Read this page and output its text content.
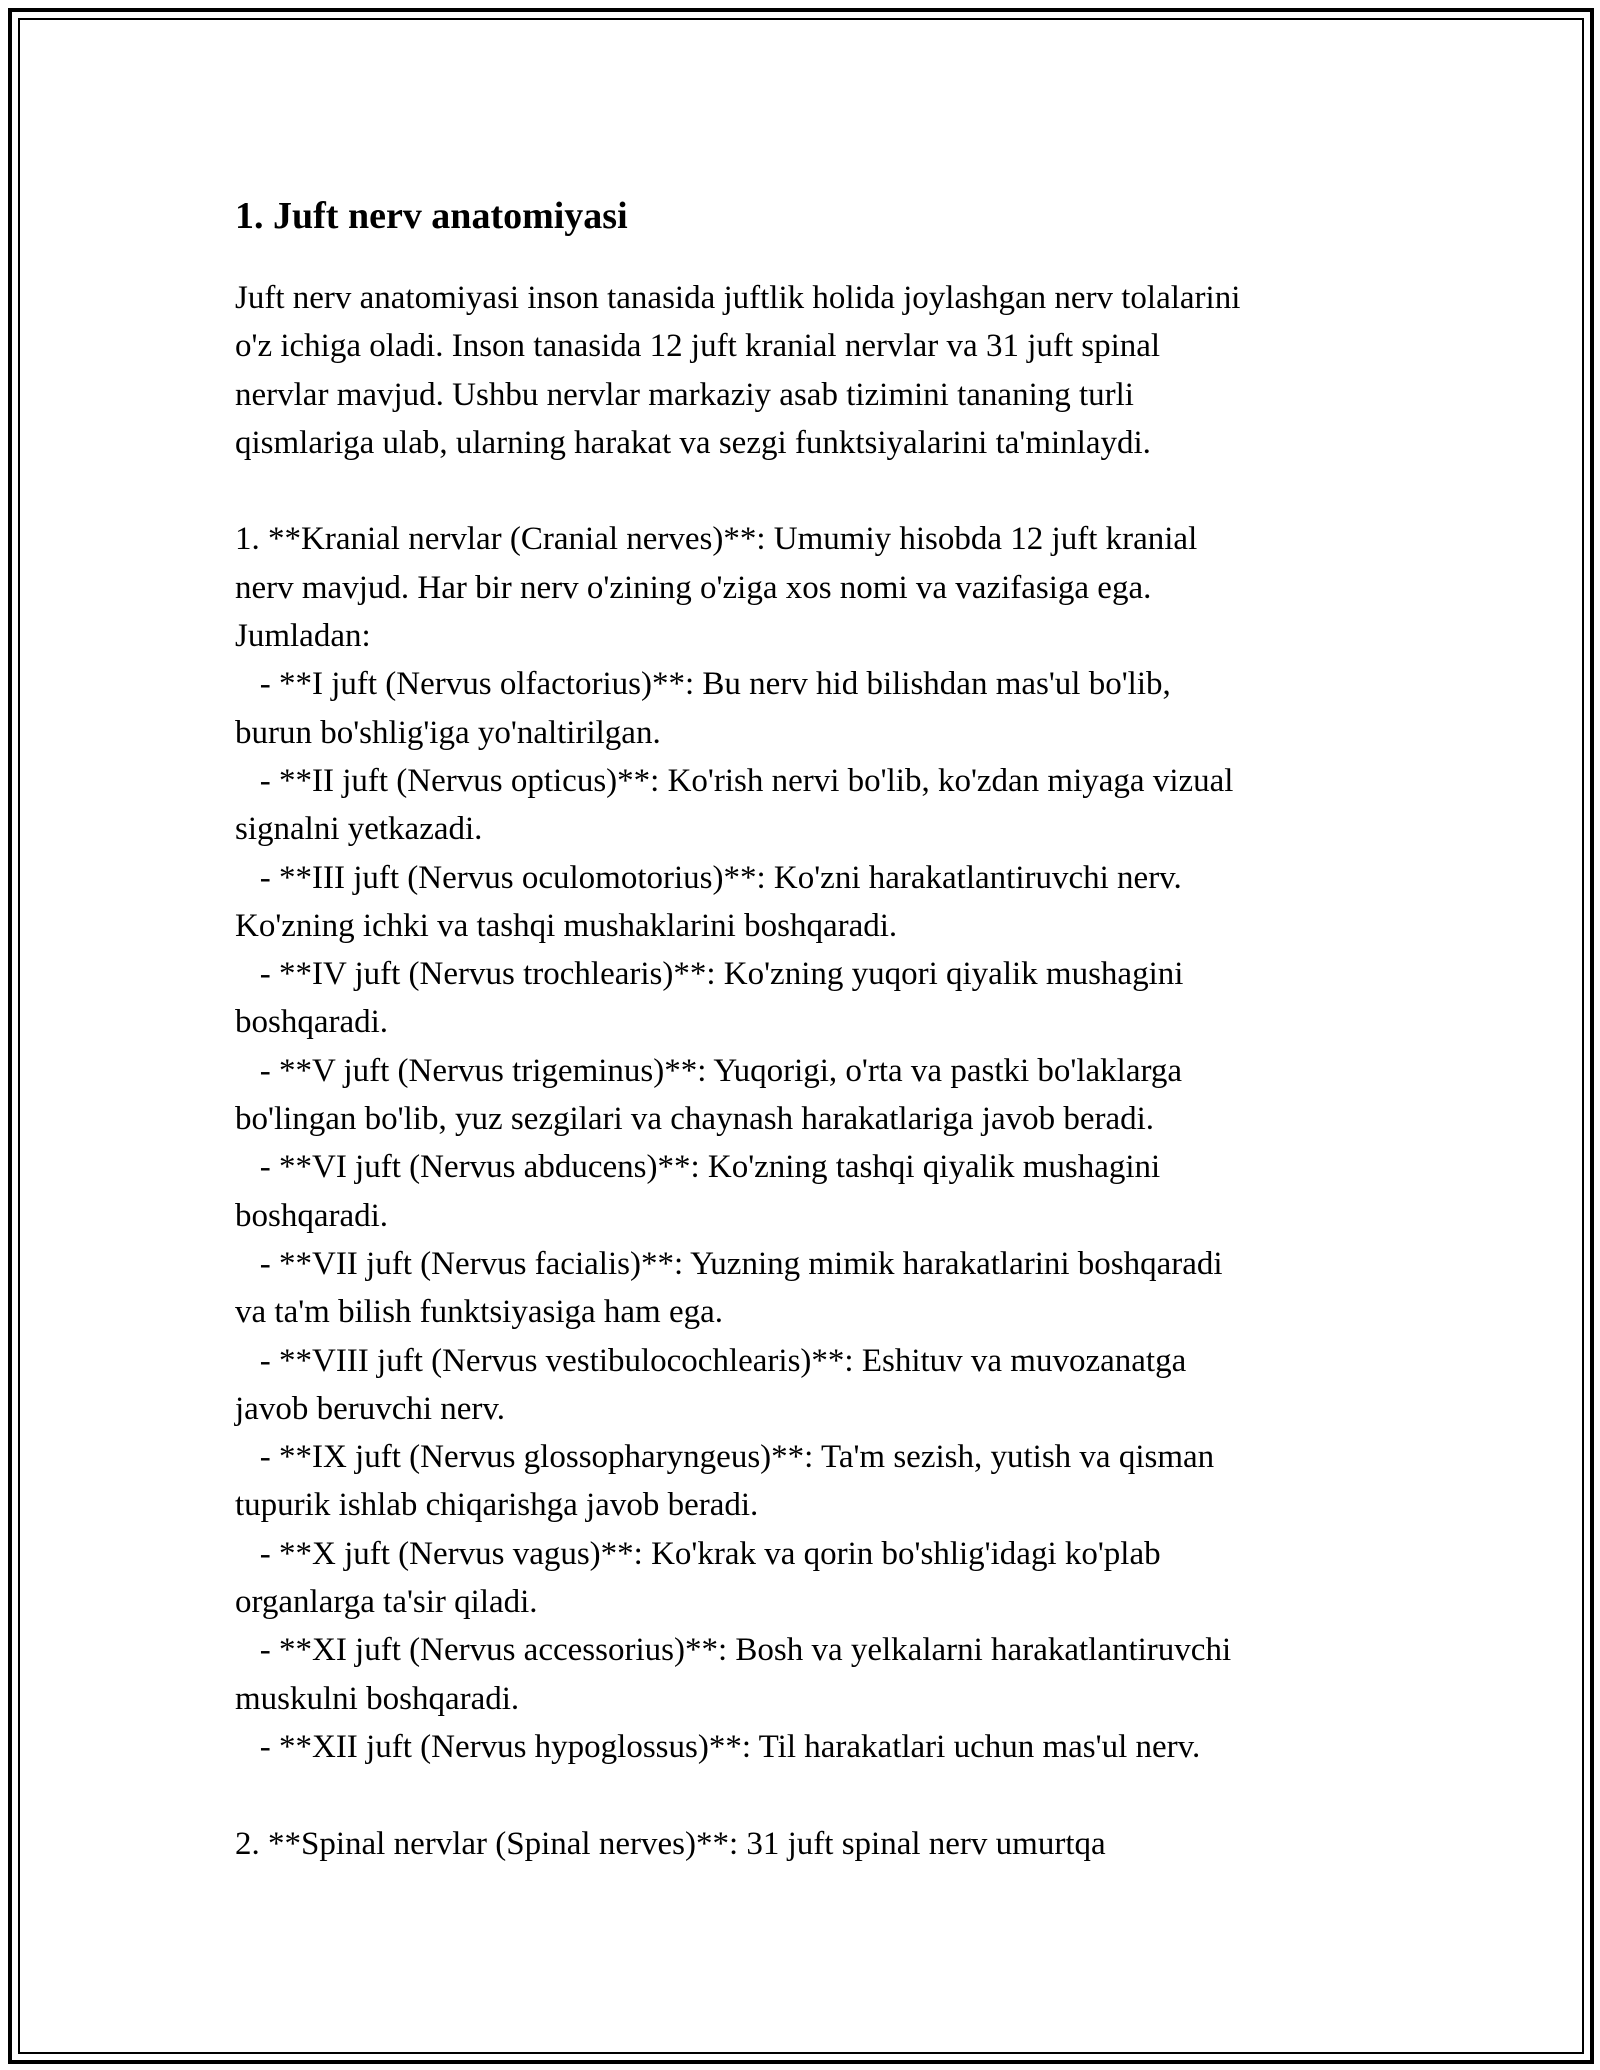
1. Juft nerv anatomiyasi
Juft nerv anatomiyasi inson tanasida juftlik holida joylashgan nerv tolalarini
o'z ichiga oladi. Inson tanasida 12 juft kranial nervlar va 31 juft spinal
nervlar mavjud. Ushbu nervlar markaziy asab tizimini tananing turli
qismlariga ulab, ularning harakat va sezgi funktsiyalarini ta'minlaydi.
1. **Kranial nervlar (Cranial nerves)**: Umumiy hisobda 12 juft kranial
nerv mavjud. Har bir nerv o'zining o'ziga xos nomi va vazifasiga ega.
Jumladan:
- **I juft (Nervus olfactorius)**: Bu nerv hid bilishdan mas'ul bo'lib,
burun bo'shlig'iga yo'naltirilgan.
- **II juft (Nervus opticus)**: Ko'rish nervi bo'lib, ko'zdan miyaga vizual
signalni yetkazadi.
- **III juft (Nervus oculomotorius)**: Ko'zni harakatlantiruvchi nerv.
Ko'zning ichki va tashqi mushaklarini boshqaradi.
- **IV juft (Nervus trochlearis)**: Ko'zning yuqori qiyalik mushagini
boshqaradi.
- **V juft (Nervus trigeminus)**: Yuqorigi, o'rta va pastki bo'laklarga
bo'lingan bo'lib, yuz sezgilari va chaynash harakatlariga javob beradi.
- **VI juft (Nervus abducens)**: Ko'zning tashqi qiyalik mushagini
boshqaradi.
- **VII juft (Nervus facialis)**: Yuzning mimik harakatlarini boshqaradi
va ta'm bilish funktsiyasiga ham ega.
- **VIII juft (Nervus vestibulocochlearis)**: Eshituv va muvozanatga
javob beruvchi nerv.
- **IX juft (Nervus glossopharyngeus)**: Ta'm sezish, yutish va qisman
tupurik ishlab chiqarishga javob beradi.
- **X juft (Nervus vagus)**: Ko'krak va qorin bo'shlig'idagi ko'plab
organlarga ta'sir qiladi.
- **XI juft (Nervus accessorius)**: Bosh va yelkalarni harakatlantiruvchi
muskulni boshqaradi.
- **XII juft (Nervus hypoglossus)**: Til harakatlari uchun mas'ul nerv.
2. **Spinal nervlar (Spinal nerves)**: 31 juft spinal nerv umurtqa
